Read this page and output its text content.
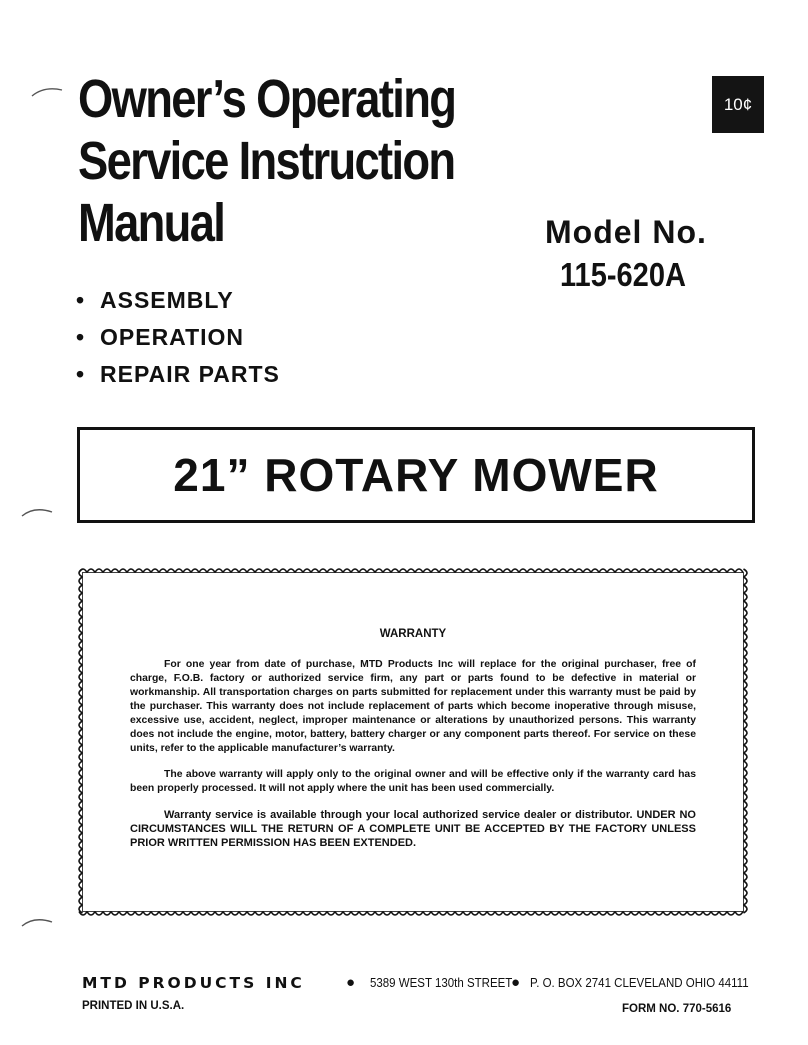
Owner’s Operating
Service Instruction
Manual
10¢
Model No.
115-620A
• ASSEMBLY
• OPERATION
• REPAIR PARTS
21” ROTARY MOWER
WARRANTY

For one year from date of purchase, MTD Products Inc will replace for the original purchaser, free of charge, F.O.B. factory or authorized service firm, any part or parts found to be defective in material or workmanship. All transportation charges on parts submitted for replacement under this warranty must be paid by the purchaser. This warranty does not include replacement of parts which become inoperative through misuse, excessive use, accident, neglect, improper maintenance or alterations by unauthorized persons. This warranty does not include the engine, motor, battery, battery charger or any component parts thereof. For service on these units, refer to the applicable manufacturer’s warranty.

The above warranty will apply only to the original owner and will be effective only if the warranty card has been properly processed. It will not apply where the unit has been used commercially.

Warranty service is available through your local authorized service dealer or distributor. UNDER NO CIRCUMSTANCES WILL THE RETURN OF A COMPLETE UNIT BE ACCEPTED BY THE FACTORY UNLESS PRIOR WRITTEN PERMISSION HAS BEEN EXTENDED.

MTD PRODUCTS INC	● 5389 WEST 130th STREET
● P. O. BOX 2741 CLEVELAND OHIO 44111
PRINTED IN U.S.A.	FORM NO. 770-5616
